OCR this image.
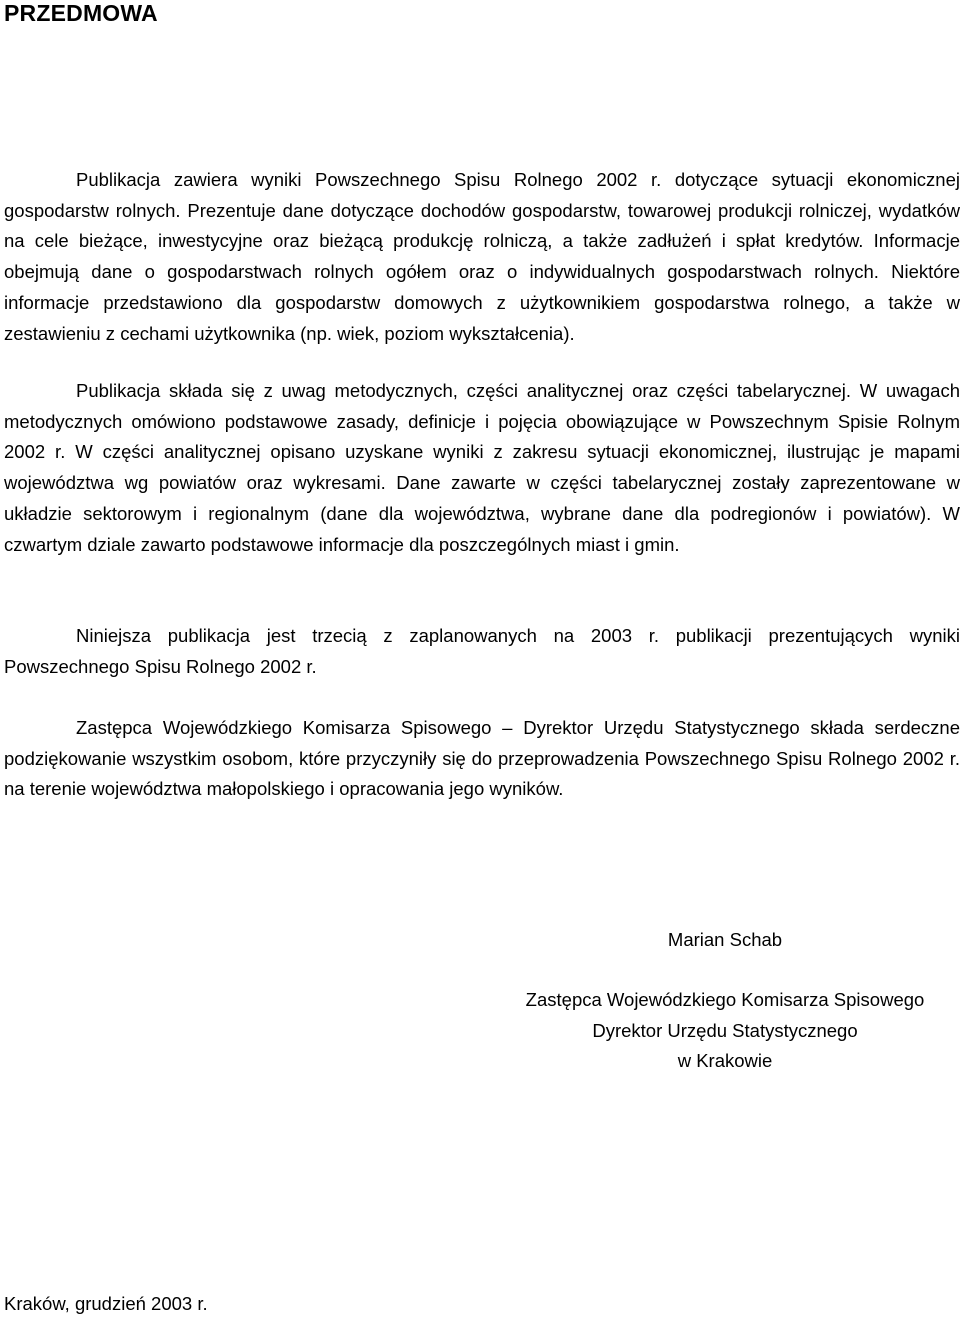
PRZEDMOWA

Publikacja zawiera wyniki Powszechnego Spisu Rolnego 2002 r. dotyczące sytuacji ekonomicznej gospodarstw rolnych. Prezentuje dane dotyczące dochodów gospodarstw, towarowej produkcji rolniczej, wydatków na cele bieżące, inwestycyjne oraz bieżącą produkcję rolniczą, a także zadłużeń i spłat kredytów. Informacje obejmują dane o gospodarstwach rolnych ogółem oraz o indywidualnych gospodarstwach rolnych. Niektóre informacje przedstawiono dla gospodarstw domowych z użytkownikiem gospodarstwa rolnego, a także w zestawieniu z cechami użytkownika (np. wiek, poziom wykształcenia).

Publikacja składa się z uwag metodycznych, części analitycznej oraz części tabelarycznej. W uwagach metodycznych omówiono podstawowe zasady, definicje i pojęcia obowiązujące w Powszechnym Spisie Rolnym 2002 r. W części analitycznej opisano uzyskane wyniki z zakresu sytuacji ekonomicznej, ilustrując je mapami województwa wg powiatów oraz wykresami. Dane zawarte w części tabelarycznej zostały zaprezentowane w układzie sektorowym i regionalnym (dane dla województwa, wybrane dane dla podregionów i powiatów). W czwartym dziale zawarto podstawowe informacje dla poszczególnych miast i gmin.

Niniejsza publikacja jest trzecią z zaplanowanych na 2003 r. publikacji prezentujących wyniki Powszechnego Spisu Rolnego 2002 r.

Zastępca Wojewódzkiego Komisarza Spisowego – Dyrektor Urzędu Statystycznego składa serdeczne podziękowanie wszystkim osobom, które przyczyniły się do przeprowadzenia Powszechnego Spisu Rolnego 2002 r. na terenie województwa małopolskiego i opracowania jego wyników.

Marian Schab
Zastępca Wojewódzkiego Komisarza Spisowego
Dyrektor Urzędu Statystycznego
w Krakowie
Kraków, grudzień 2003 r.
